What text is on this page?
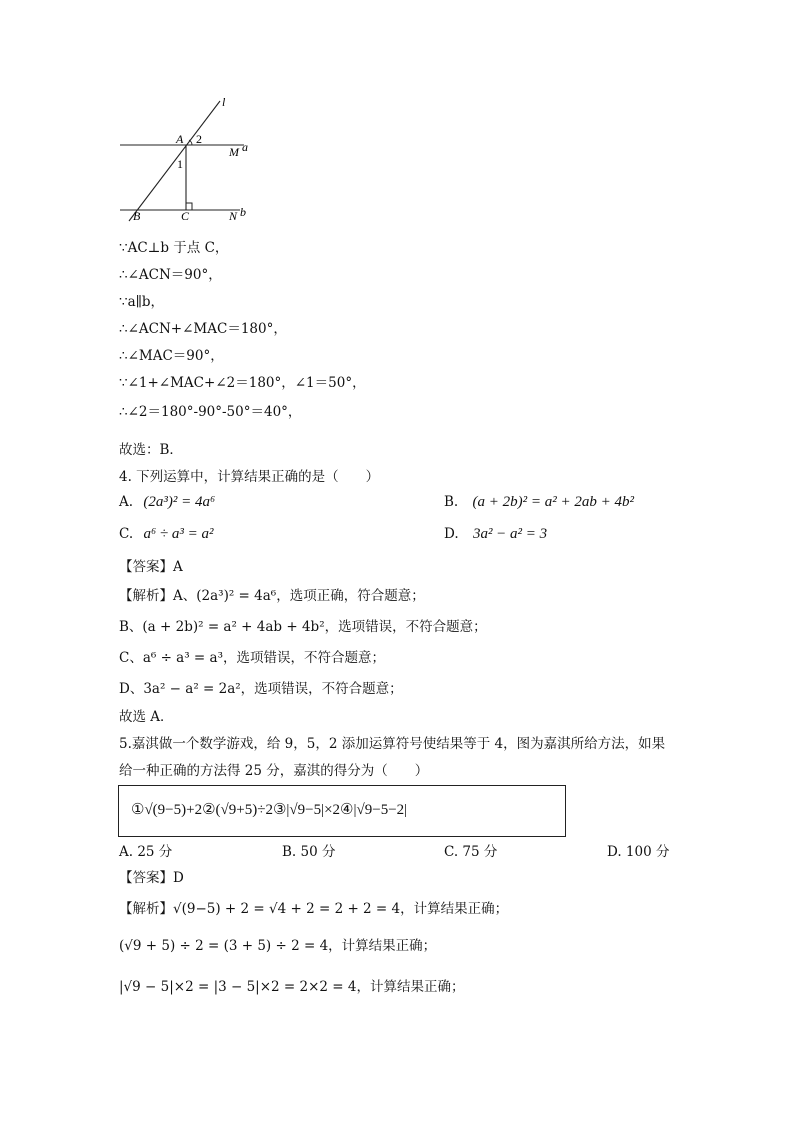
l
A 2
M a
1
B	C	N b
∵AC⊥b 于点 C，
∴∠ACN＝90°，
∵a∥b，
∴∠ACN+∠MAC＝180°，
∴∠MAC＝90°，
∵∠1+∠MAC+∠2＝180°，∠1＝50°，
∴∠2＝180°-90°-50°＝40°，
故选：B．
4. 下列运算中，计算结果正确的是（　　）
A. (2a³)² = 4a⁶	B. (a + 2b)² = a² + 2ab + 4b²
C. a⁶ ÷ a³ = a²	D. 3a² − a² = 3
【答案】A
【解析】A、(2a³)² = 4a⁶，选项正确，符合题意；
B、(a + 2b)² = a² + 4ab + 4b²，选项错误，不符合题意；
C、a⁶ ÷ a³ = a³，选项错误，不符合题意；
D、3a² − a² = 2a²，选项错误，不符合题意；
故选 A．
5.嘉淇做一个数学游戏，给 9，5，2 添加运算符号使结果等于 4，图为嘉淇所给方法，如果
给一种正确的方法得 25 分，嘉淇的得分为（　　）
①√(9−5)+2②(√9+5)÷2③|√9−5|×2④|√9−5−2|
A. 25 分	B. 50 分	C. 75 分	D. 100 分
【答案】D
【解析】√(9−5) + 2 = √4 + 2 = 2 + 2 = 4，计算结果正确；
(√9 + 5) ÷ 2 = (3 + 5) ÷ 2 = 4，计算结果正确；
|√9 − 5|×2 = |3 − 5|×2 = 2×2 = 4，计算结果正确；
